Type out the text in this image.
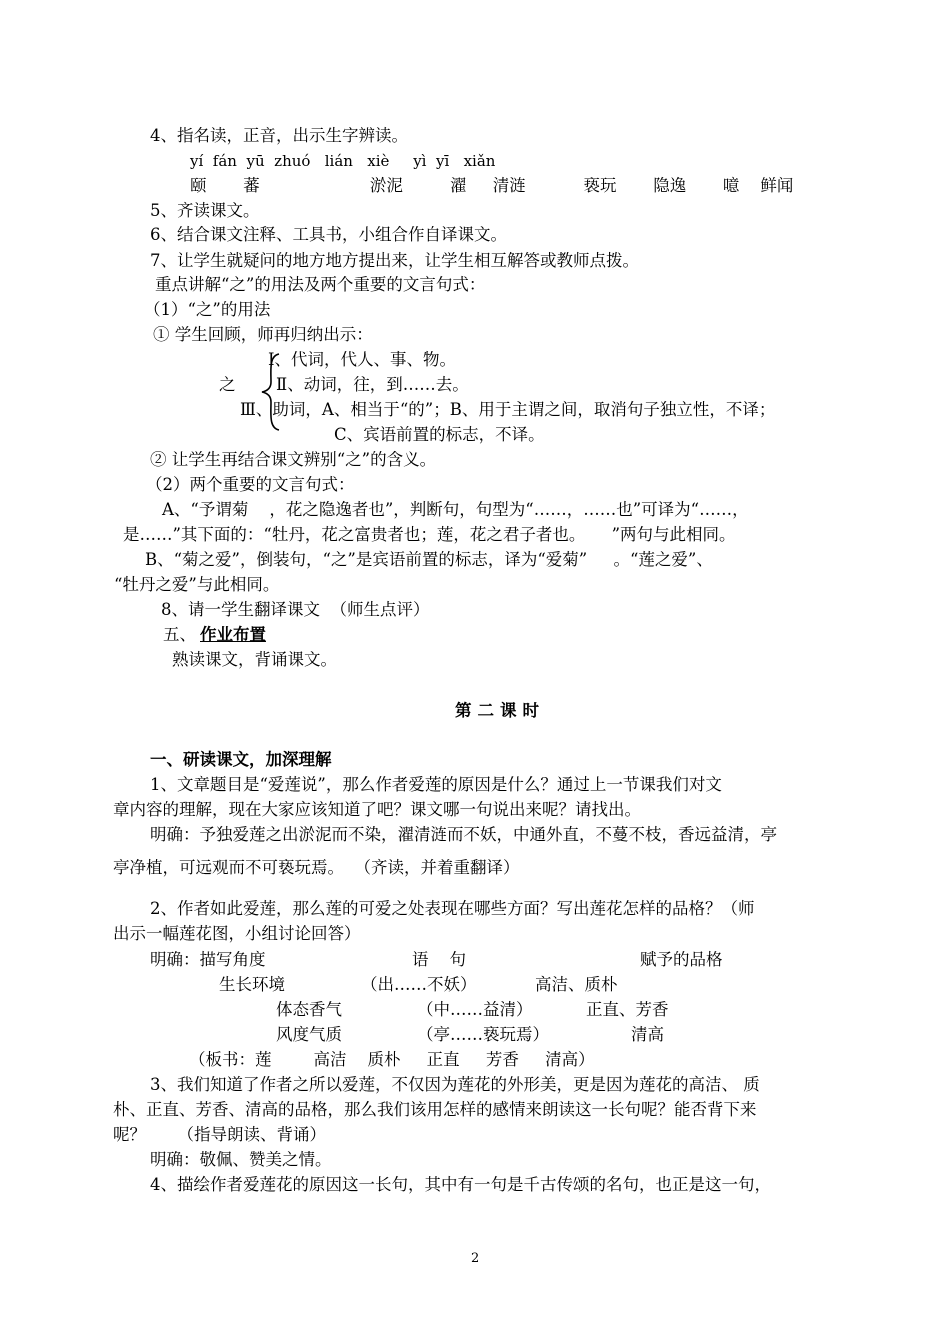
4、指名读，正音，出示生字辨读。
yí  fán  yū  zhuó   lián   xiè     yì  yī   xiǎn
颐       蕃                     淤泥         濯     清涟           亵玩       隐逸       噫    鲜闻
5、齐读课文。
6、结合课文注释、工具书，小组合作自译课文。
7、让学生就疑问的地方地方提出来，让学生相互解答或教师点拨。
重点讲解“之”的用法及两个重要的文言句式：
（1）“之”的用法
① 学生回顾，师再归纳出示：
Ⅰ、代词，代人、事、物。
之 Ⅱ、动词，往，到……去。
Ⅲ、助词，A、相当于“的”；B、用于主谓之间，取消句子独立性，不译；
C、宾语前置的标志，不译。
② 让学生再结合课文辨别“之”的含义。
（2）两个重要的文言句式：
A、“予谓菊    ，花之隐逸者也”，判断句，句型为“……，……也”可译为“……，
是……”其下面的：“牡丹，花之富贵者也；莲，花之君子者也。     ”两句与此相同。
B、“菊之爱”，倒装句，“之”是宾语前置的标志，译为“爱菊”     。“莲之爱”、
“牡丹之爱”与此相同。
8、请一学生翻译课文  （师生点评）
五、 作业布置
熟读课文，背诵课文。
第二课时
一、研读课文，加深理解
1、文章题目是“爱莲说”，那么作者爱莲的原因是什么？通过上一节课我们对文
章内容的理解，现在大家应该知道了吧？课文哪一句说出来呢？请找出。
明确：予独爱莲之出淤泥而不染，濯清涟而不妖，中通外直，不蔓不枝，香远益清，亭
亭净植，可远观而不可亵玩焉。  （齐读，并着重翻译）
2、作者如此爱莲，那么莲的可爱之处表现在哪些方面？写出莲花怎样的品格？（师
出示一幅莲花图，小组讨论回答）
明确：描写角度	语    句	赋予的品格
生长环境	（出……不妖）	高洁、质朴
体态香气	（中……益清）	正直、芳香
风度气质	（亭……亵玩焉）	清高
（板书：莲        高洁    质朴     正直     芳香     清高）
3、我们知道了作者之所以爱莲，不仅因为莲花的外形美，更是因为莲花的高洁、 质
朴、正直、芳香、清高的品格，那么我们该用怎样的感情来朗读这一长句呢？能否背下来
呢？      （指导朗读、背诵）
明确：敬佩、赞美之情。
4、描绘作者爱莲花的原因这一长句，其中有一句是千古传颂的名句，也正是这一句，
2
